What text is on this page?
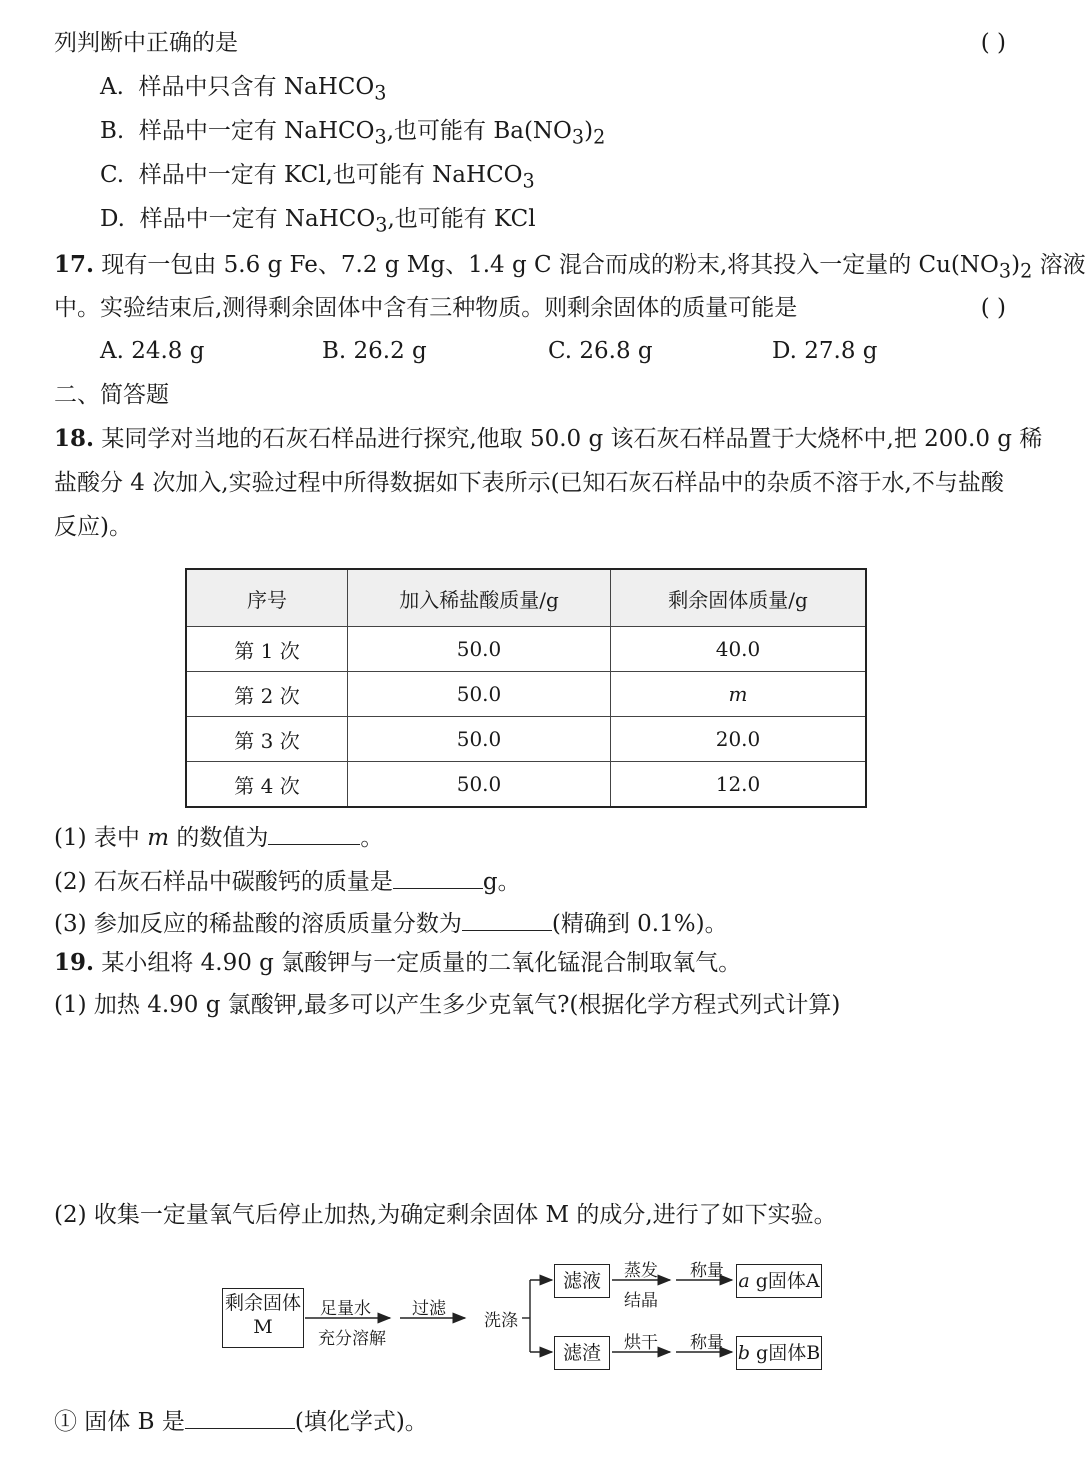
列判断中正确的是	( )
A. 样品中只含有 NaHCO$_3$
B. 样品中一定有 NaHCO$_3$,也可能有 $Ba(NO_3)_2$
C. 样品中一定有 KCl,也可能有 NaHCO$_3$
D. 样品中一定有 NaHCO$_3$,也可能有 KCl
17. 现有一包由 5.6 g Fe、7.2 g Mg、1.4 g C 混合而成的粉末,将其投入一定量的 $Cu(NO_3)_2$ 溶液
中。实验结束后,测得剩余固体中含有三种物质。则剩余固体的质量可能是	( )
A. 24.8 g	B. 26.2 g	C. 26.8 g	D. 27.8 g
二、简答题
18. 某同学对当地的石灰石样品进行探究,他取 50.0 g 该石灰石样品置于大烧杯中,把 200.0 g 稀
盐酸分 4 次加入,实验过程中所得数据如下表所示(已知石灰石样品中的杂质不溶于水,不与盐酸
反应)。
序号	加入稀盐酸质量/g	剩余固体质量/g
第 1 次	50.0	40.0
第 2 次	50.0	m
第 3 次	50.0	20.0
第 4 次	50.0	12.0
(1) 表中 m 的数值为	。
(2) 石灰石样品中碳酸钙的质量是	g。
(3) 参加反应的稀盐酸的溶质质量分数为	(精确到 0.1%)。
19. 某小组将 4.90 g 氯酸钾与一定质量的二氧化锰混合制取氧气。
(1) 加热 4.90 g 氯酸钾,最多可以产生多少克氧气?(根据化学方程式列式计算)
(2) 收集一定量氧气后停止加热,为确定剩余固体 M 的成分,进行了如下实验。
剩余固体
M
足量水
充分溶解
过滤
洗涤
滤液
滤渣
蒸发
结晶
称量
烘干 称量
a g固体A
b g固体B
① 固体 B 是	(填化学式)。
